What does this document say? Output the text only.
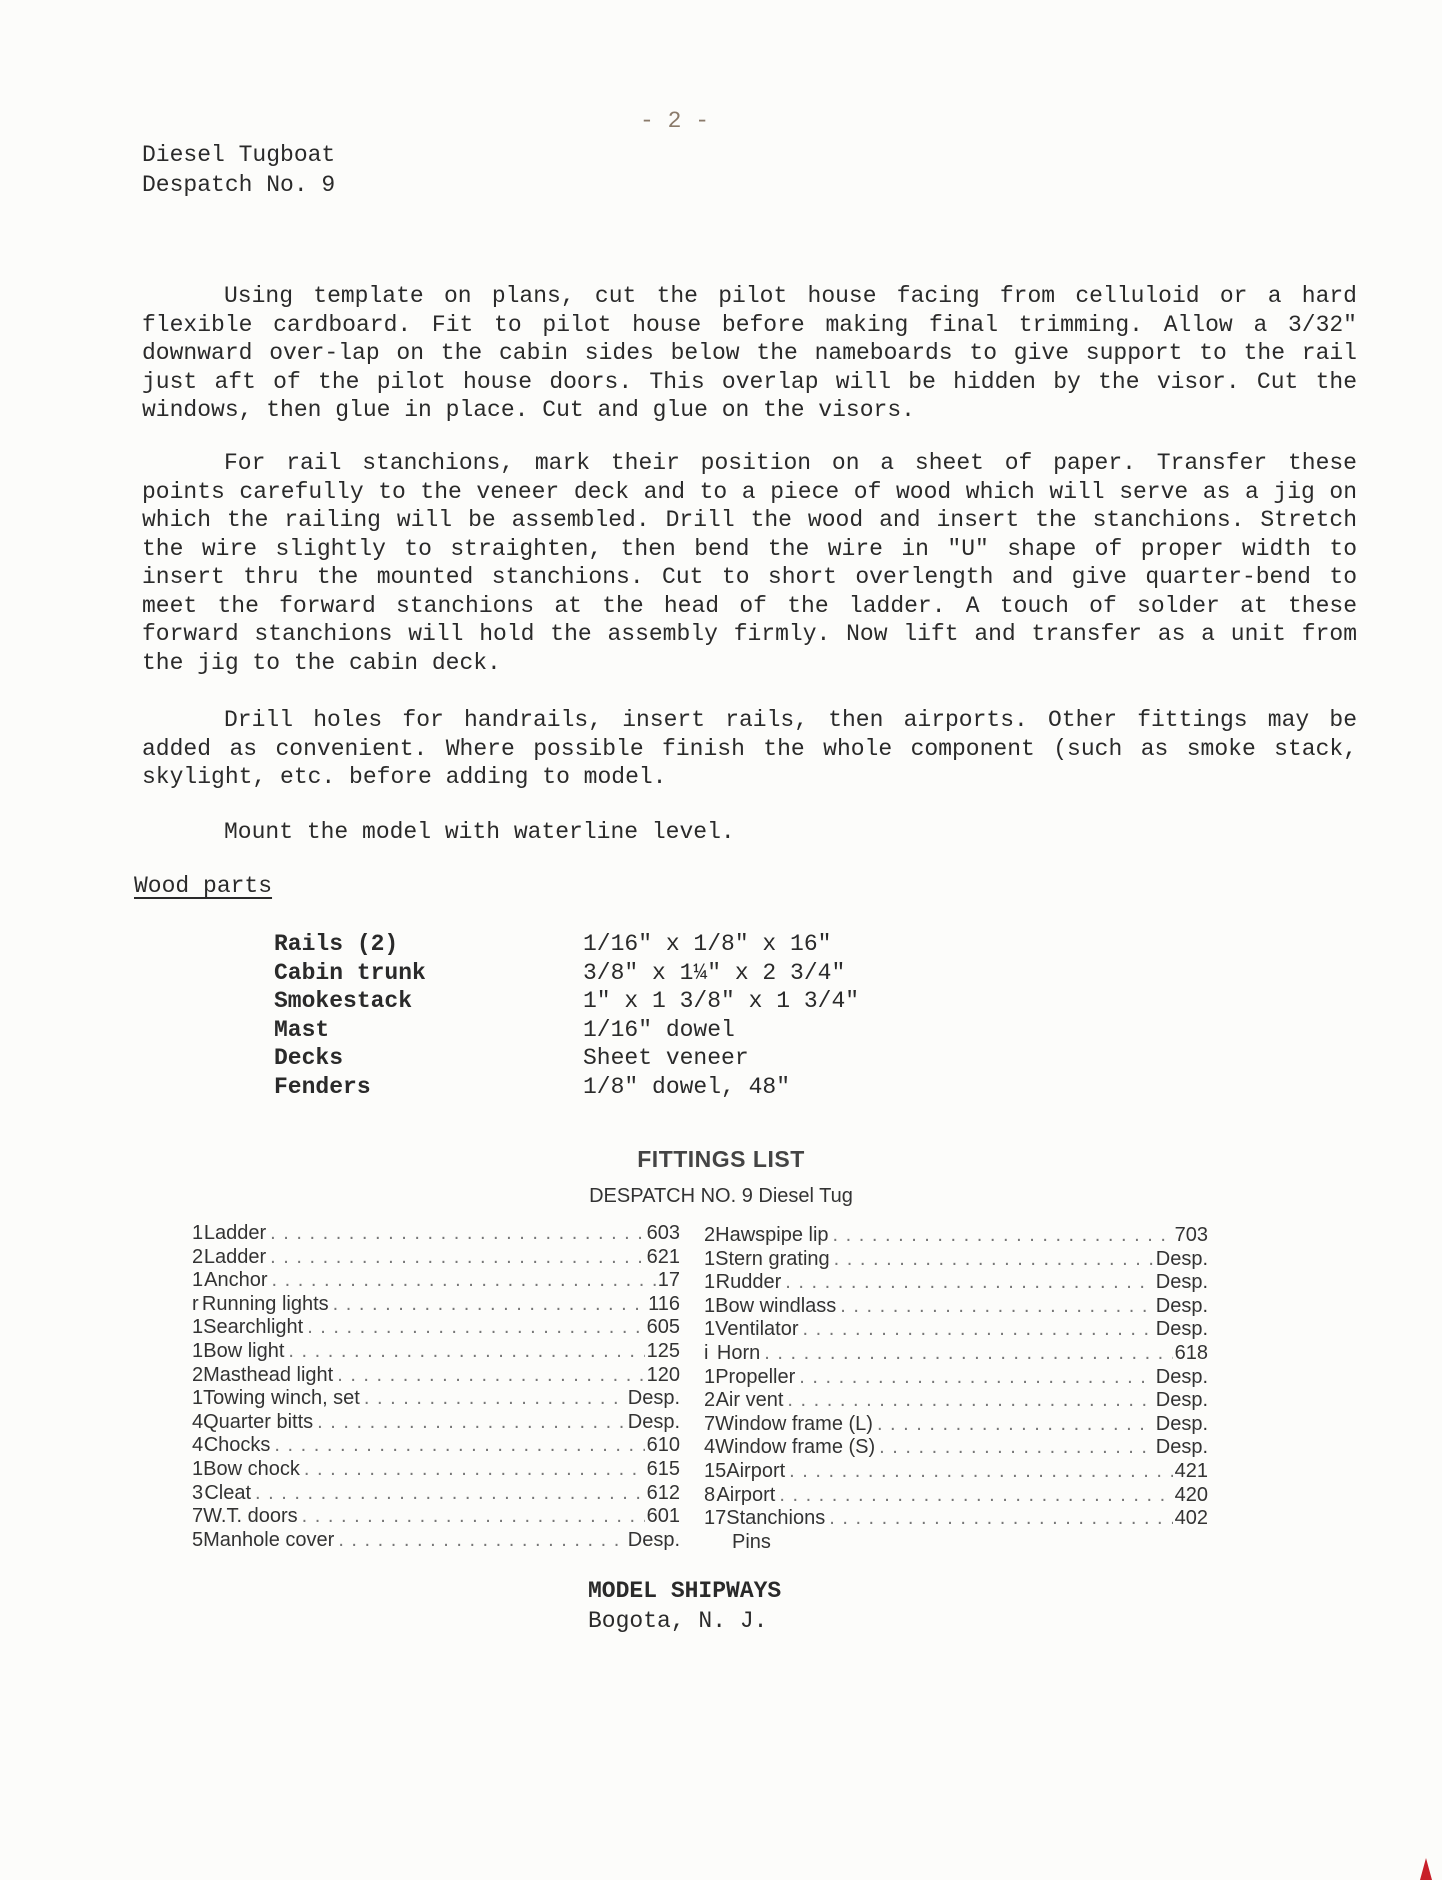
- 2 -
Diesel Tugboat
Despatch No. 9
Using template on plans, cut the pilot house facing from celluloid or a hard flexible cardboard. Fit to pilot house before making final trimming. Allow a 3/32" downward over-lap on the cabin sides below the nameboards to give support to the rail just aft of the pilot house doors. This overlap will be hidden by the visor. Cut the windows, then glue in place. Cut and glue on the visors.
For rail stanchions, mark their position on a sheet of paper. Transfer these points carefully to the veneer deck and to a piece of wood which will serve as a jig on which the railing will be assembled. Drill the wood and insert the stanchions. Stretch the wire slightly to straighten, then bend the wire in "U" shape of proper width to insert thru the mounted stanchions. Cut to short overlength and give quarter-bend to meet the forward stanchions at the head of the ladder. A touch of solder at these forward stanchions will hold the assembly firmly. Now lift and transfer as a unit from the jig to the cabin deck.
Drill holes for handrails, insert rails, then airports. Other fittings may be added as convenient. Where possible finish the whole component (such as smoke stack, skylight, etc. before adding to model.
Mount the model with waterline level.
Wood parts
Rails (2)	1/16" x 1/8" x 16"
Cabin trunk	3/8" x 1¼" x 2 3/4"
Smokestack	1" x 1 3/8" x 1 3/4"
Mast	1/16" dowel
Decks	Sheet veneer
Fenders	1/8" dowel, 48"
FITTINGS LIST
DESPATCH NO. 9 Diesel Tug
1 Ladder . . .	603
2 Ladder . . .	621
1 Anchor . . .	17
r Running lights . . .	116
1 Searchlight . . .	605
1 Bow light . . .	125
2 Masthead light . . .	120
1 Towing winch, set . . .	Desp.
4 Quarter bitts . . .	Desp.
4 Chocks . . .	610
1 Bow chock . . .	615
3 Cleat . . .	612
7 W.T. doors . . .	601
5 Manhole cover . . .	Desp.
2 Hawspipe lip . . .	703
1 Stern grating . . .	Desp.
1 Rudder . . .	Desp.
1 Bow windlass . . .	Desp.
1 Ventilator . . .	Desp.
i Horn . . .	618
1 Propeller . . .	Desp.
2 Air vent . . .	Desp.
7 Window frame (L) . . .	Desp.
4 Window frame (S) . . .	Desp.
15 Airport . . .	421
8 Airport . . .	420
17 Stanchions . . .	402
Pins
MODEL SHIPWAYS
Bogota, N. J.
